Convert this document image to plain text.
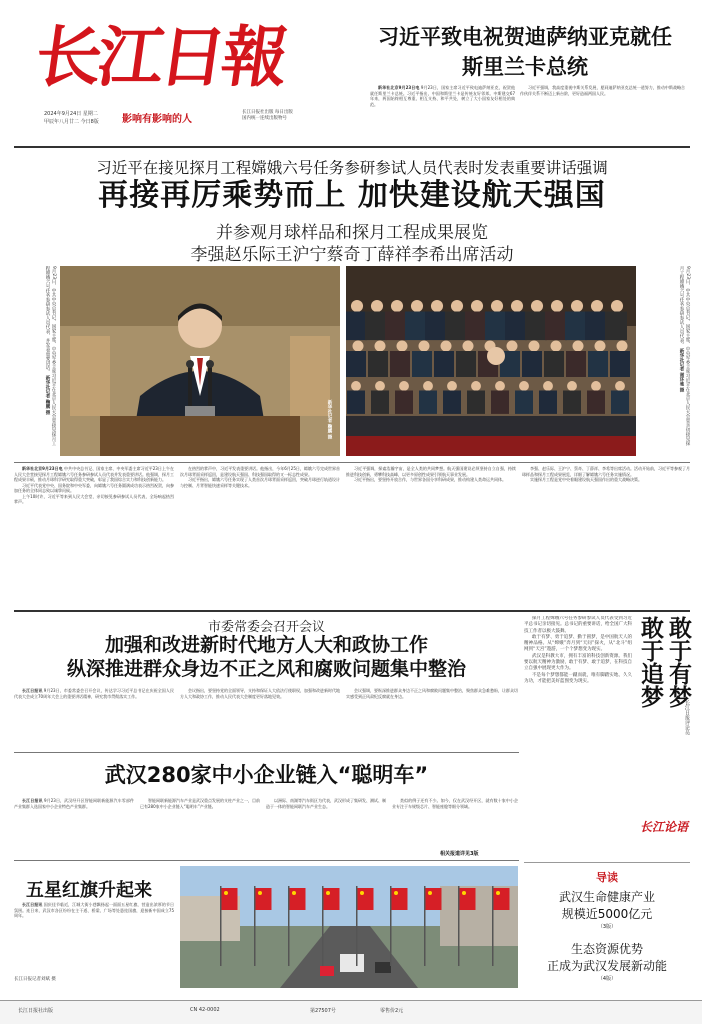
长江日報
2024年9月24日 星期二
甲辰年八月廿二 今日8版 影响有影响的人
长江日报社出版 每日出版
国内统一连续出版物号
习近平致电祝贺迪萨纳亚克就任斯里兰卡总统

新华社北京9月23日电 9月23日，国家主席习近平致电迪萨纳亚克，祝贺他就任斯里兰卡总统。习近平指出，中国和斯里兰卡是传统友好邻邦。中斯建交67年来，两国始终相互尊重、相互支持、和平共处，树立了大小国家友好相处的典范。

习近平强调，我高度重视中斯关系发展，愿同迪萨纳亚克总统一道努力，推动中斯战略合作伙伴关系不断迈上新台阶，更好造福两国人民。

习近平在接见探月工程嫦娥六号任务参研参试人员代表时发表重要讲话强调
再接再厉乘势而上 加快建设航天强国
并参观月球样品和探月工程成果展览
李强赵乐际王沪宁蔡奇丁薛祥李希出席活动
9月23日，中共中央总书记、国家主席、中央军委主席习近平在北京人民大会堂接见探月工程嫦娥六号任务参研参试人员代表，并发表重要讲话。 新华社记者 鞠鹏 摄
新华社记者 鞠鹏 摄	9月23日，中共中央总书记、国家主席、中央军委主席习近平在北京人民大会堂亲切接见探月工程嫦娥六号任务参研参试人员代表。 新华社记者 谢环驰 摄

新华社北京9月23日电 中共中央总书记、国家主席、中央军委主席习近平23日上午在人民大会堂接见探月工程嫦娥六号任务参研参试人员代表并发表重要讲话。他强调，探月工程成果丰硕，推动月球科学研究取得重大突破，彰显了我国综合实力和科技创新能力。

习近平代表党中央、国务院和中央军委，向嫦娥六号任务圆满成功表示热烈祝贺，向参加任务的全体同志致以诚挚问候。

上午10时许，习近平等来到人民大会堂，亲切接见参研参试人员代表，全场响起热烈掌声。

在热烈的掌声中，习近平发表重要讲话。他指出，今年6月25日，嫦娥六号完成世界首次月球背面采样返回，是建设航天强国、科技强国取得的又一标志性成果。

习近平指出，嫦娥六号任务实现了人类首次月球背面采样返回，突破月球逆行轨道设计与控制、月背智能快速采样等关键技术。

习近平强调，探索浩瀚宇宙，是全人类的共同梦想。航天强国建设必须坚持自立自强，持续推进科技创新，勇攀科技高峰，以更多原创性成果引领航天事业发展。

习近平指出，要坚持开放合作，与世界各国分享科研成果，推动构建人类命运共同体。

李强、赵乐际、王沪宁、蔡奇、丁薛祥、李希等出席活动。活动开始前，习近平等参观了月球样品和探月工程成果展览，详细了解嫦娥六号任务实施情况。

实施探月工程是党中央着眼建设航天强国作出的重大战略决策。

市委常委会召开会议
加强和改进新时代地方人大和政协工作
纵深推进群众身边不正之风和腐败问题集中整治

长江日报讯 9月23日，市委常委会召开会议，传达学习习近平总书记在庆祝全国人民代表大会成立70周年大会上的重要讲话精神，研究我市贯彻落实工作。

会议指出，要坚持党的全面领导，支持和保证人大依法行使职权，加强和改进新时代地方人大和政协工作，推动人民代表大会制度更好落地见效。

会议强调，要纵深推进群众身边不正之风和腐败问题集中整治，聚焦群众急难愁盼，让群众切实感受到正风肃纪反腐就在身边。

武汉280家中小企业链入“聪明车”

长江日报讯 9月23日，武汉经开区智能网联新能源汽车零部件产业集群入选国家中小企业特色产业集群。

智能网联新能源汽车产业是武汉重点发展的支柱产业之一，目前已有280家中小企业链入“聪明车”产业链。

以洲际、南湖等汽车街区为代表，武汉形成了集研发、测试、制造于一体的智能网联汽车产业生态。

类似的例子还有不少。如今，仅在武汉经开区，就有数十家中小企业专注于车规级芯片、智能座舱等细分领域。

相关报道详见3版
五星红旗升起来

长江日报讯 国庆佳节临近，江城大街小巷飘扬起一面面五星红旗，营造出浓厚的节日氛围。连日来，武汉市各区纷纷在主干道、桥梁、广场等处悬挂国旗，迎接新中国成立75周年。

长江日报记者刘斌 摄

探月工程嫦娥六号任务参研参试人员代表受到习近平总书记亲切接见。总书记的重要讲话，给全国广大科技工作者以极大鼓舞。

敢于有梦、勇于追梦、勤于圆梦，是中国航天人的精神品格。从“嫦娥”奔月到“天问”探火，从“北斗”组网到“天宫”遨游，一个个梦想变为现实。

武汉是科教大市，拥有丰富的科技创新资源。我们要以航天精神为激励，敢于有梦、敢于追梦，在科技自立自强中展现更大作为。

不是每个梦想都能一蹴而就，唯有脚踏实地、久久为功，才能把美好蓝图变为现实。	敢于有梦
敢于追梦
长江日报评论员
长江论语
导读
武汉生命健康产业
规模近5000亿元
（3版）
生态资源优势
正成为武汉发展新动能
（4版）
长江日报社出版	CN 42-0002	第27507号	零售价2元
